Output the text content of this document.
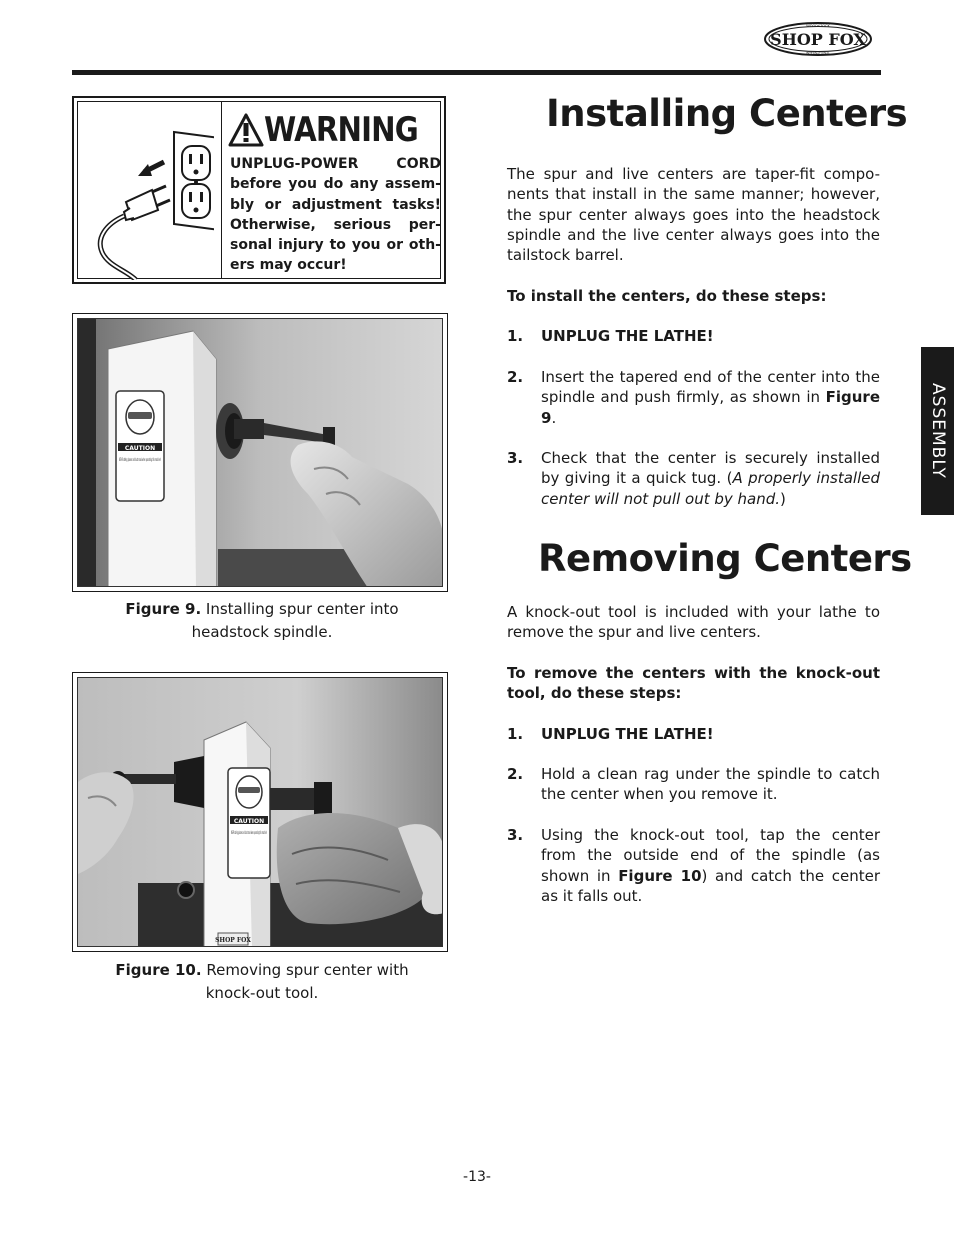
SHOP FOX
WOODSTOCK
INTERNATIONAL
ASSEMBLY
WARNING

UNPLUG-POWER CORD before you do any assem-bly or adjustment tasks! Otherwise, serious per-sonal injury to you or oth-ers may occur!

CAUTION

Figure 9. Installing spur center into headstock spindle.

CAUTION
WEAR safety glasses and dust mask when operating this machine!
SHOP FOX

Figure 10. Removing spur center with knock-out tool.

Installing Centers

The spur and live centers are taper-fit compo-nents that install in the same manner; however, the spur center always goes into the headstock spindle and the live center always goes into the tailstock barrel.

To install the centers, do these steps:

1.	UNPLUG THE LATHE!
2.	Insert the tapered end of the center into the spindle and push firmly, as shown in Figure 9.
3.	Check that the center is securely installed by giving it a quick tug. (A properly installed center will not pull out by hand.)
Removing Centers

A knock-out tool is included with your lathe to remove the spur and live centers.

To remove the centers with the knock-out tool, do these steps:

1.	UNPLUG THE LATHE!
2.	Hold a clean rag under the spindle to catch the center when you remove it.
3.	Using the knock-out tool, tap the center from the outside end of the spindle (as shown in Figure 10) and catch the center as it falls out.
-13-
